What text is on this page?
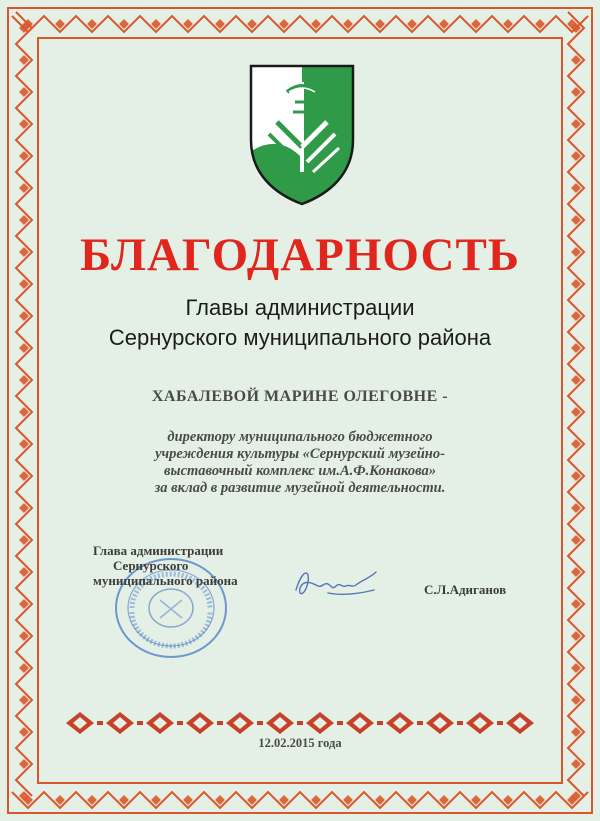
БЛАГОДАРНОСТЬ
Главы администрации
Сернурского муниципального района
ХАБАЛЕВОЙ МАРИНЕ ОЛЕГОВНЕ -
директору муниципального бюджетного
учреждения культуры «Сернурский музейно-
выставочный комплекс им.А.Ф.Конакова»
за вклад в развитие музейной деятельности.
Глава администрации
Сернурского
муниципального района
С.Л.Адиганов
12.02.2015 года
